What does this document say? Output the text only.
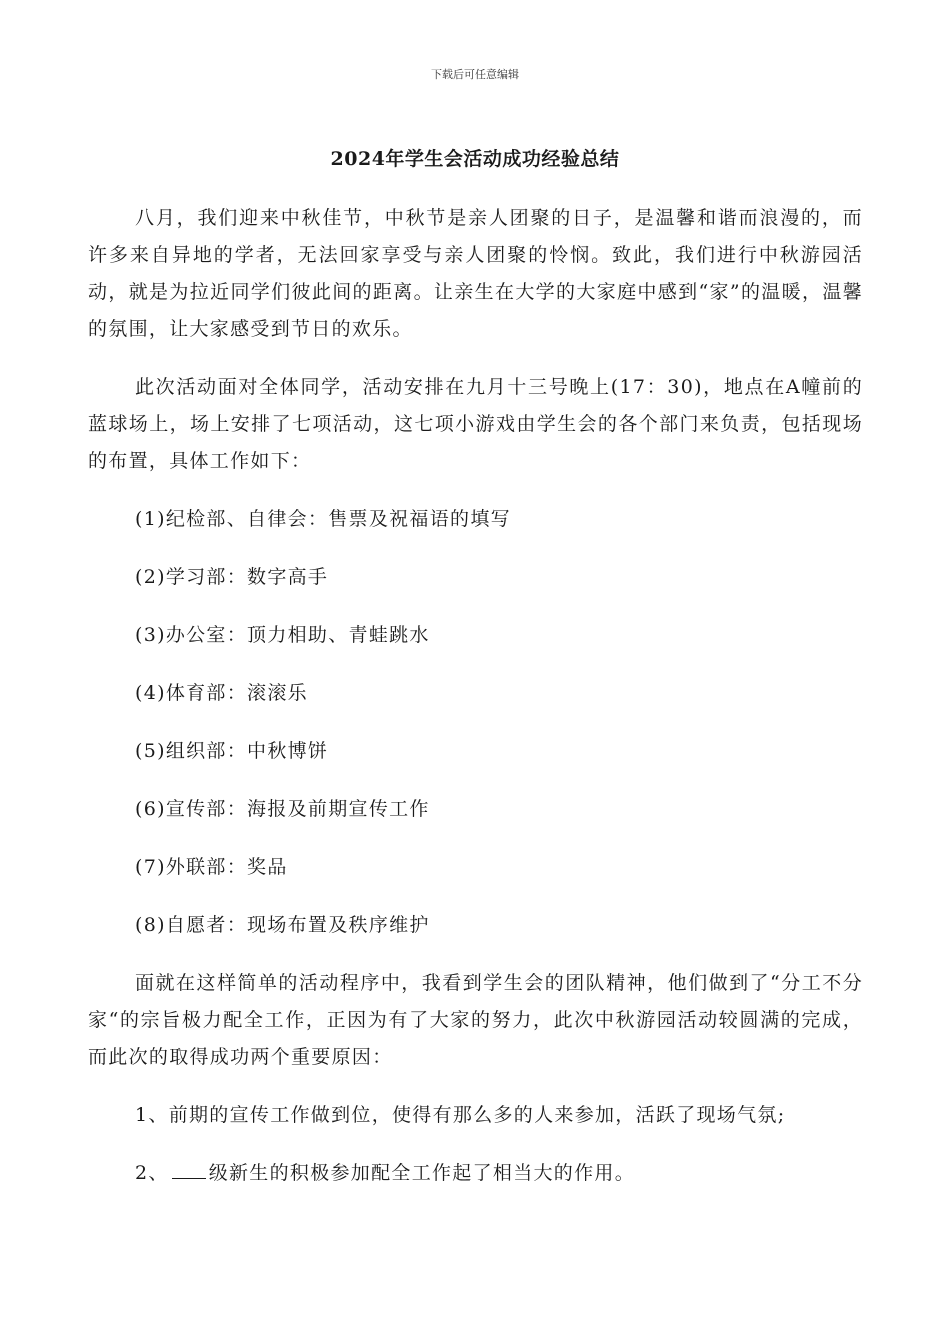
下载后可任意编辑
2024年学生会活动成功经验总结

八月，我们迎来中秋佳节，中秋节是亲人团聚的日子，是温馨和谐而浪漫的，而许多来自异地的学者，无法回家享受与亲人团聚的怜悯。致此，我们进行中秋游园活动，就是为拉近同学们彼此间的距离。让亲生在大学的大家庭中感到“家”的温暖，温馨的氛围，让大家感受到节日的欢乐。

此次活动面对全体同学，活动安排在九月十三号晚上(17：30)，地点在A幢前的蓝球场上，场上安排了七项活动，这七项小游戏由学生会的各个部门来负责，包括现场的布置，具体工作如下：

(1)纪检部、自律会：售票及祝福语的填写
(2)学习部：数字高手
(3)办公室：顶力相助、青蛙跳水
(4)体育部：滚滚乐
(5)组织部：中秋博饼
(6)宣传部：海报及前期宣传工作
(7)外联部：奖品
(8)自愿者：现场布置及秩序维护

面就在这样简单的活动程序中，我看到学生会的团队精神，他们做到了“分工不分家“的宗旨极力配全工作，正因为有了大家的努力，此次中秋游园活动较圆满的完成，而此次的取得成功两个重要原因：

1、前期的宣传工作做到位，使得有那么多的人来参加，活跃了现场气氛;
2、 级新生的积极参加配全工作起了相当大的作用。
